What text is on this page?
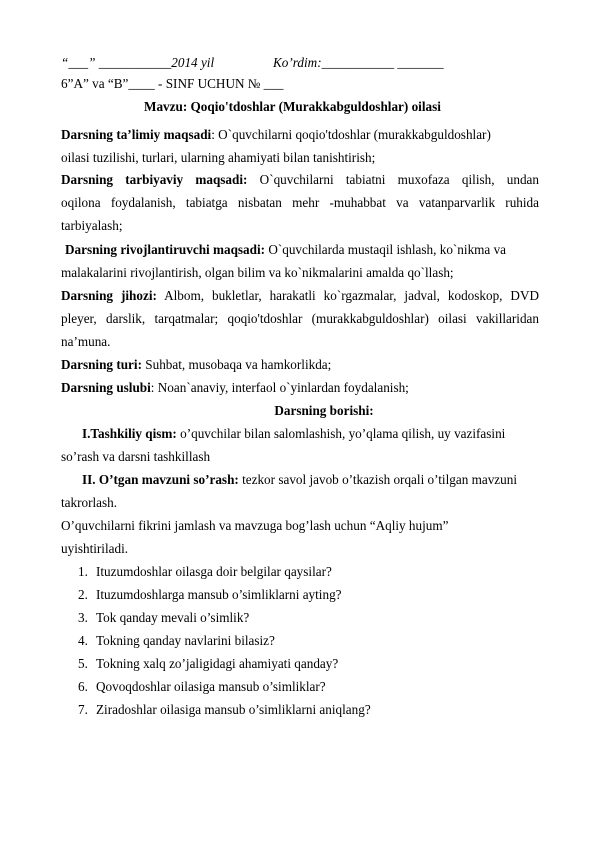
“___” ___________2014 yil	Ko’rdim:___________ _______
6”A” va “B”____ - SINF UCHUN № ___
Mavzu: Qoqio'tdoshlar (Murakkabguldoshlar) oilasi
Darsning ta’limiy maqsadi: O`quvchilarni qoqio'tdoshlar (murakkabguldoshlar)
oilasi tuzilishi, turlari, ularning ahamiyati bilan tanishtirish;
Darsning tarbiyaviy maqsadi: O`quvchilarni tabiatni muxofaza qilish, undan
oqilona foydalanish, tabiatga nisbatan mehr -muhabbat va vatanparvarlik ruhida
tarbiyalash;
Darsning rivojlantiruvchi maqsadi: O`quvchilarda mustaqil ishlash, ko`nikma va
malakalarini rivojlantirish, olgan bilim va ko`nikmalarini amalda qo`llash;
Darsning jihozi: Albom, bukletlar, harakatli ko`rgazmalar, jadval, kodoskop, DVD
pleyer, darslik, tarqatmalar; qoqio'tdoshlar (murakkabguldoshlar) oilasi vakillaridan
na’muna.
Darsning turi: Suhbat, musobaqa va hamkorlikda;
Darsning uslubi: Noan`anaviy, interfaol o`yinlardan foydalanish;
Darsning borishi:
I.Tashkiliy qism: o’quvchilar bilan salomlashish, yo’qlama qilish, uy vazifasini
so’rash va darsni tashkillash
II. O’tgan mavzuni so’rash: tezkor savol javob o’tkazish orqali o’tilgan mavzuni
takrorlash.
O’quvchilarni fikrini jamlash va mavzuga bog’lash uchun “Aqliy hujum”
uyishtiriladi.
1. Ituzumdoshlar oilasga doir belgilar qaysilar?
2. Ituzumdoshlarga mansub o’simliklarni ayting?
3. Tok qanday mevali o’simlik?
4. Tokning qanday navlarini bilasiz?
5. Tokning xalq zo’jaligidagi ahamiyati qanday?
6. Qovoqdoshlar oilasiga mansub o’simliklar?
7. Ziradoshlar oilasiga mansub o’simliklarni aniqlang?
